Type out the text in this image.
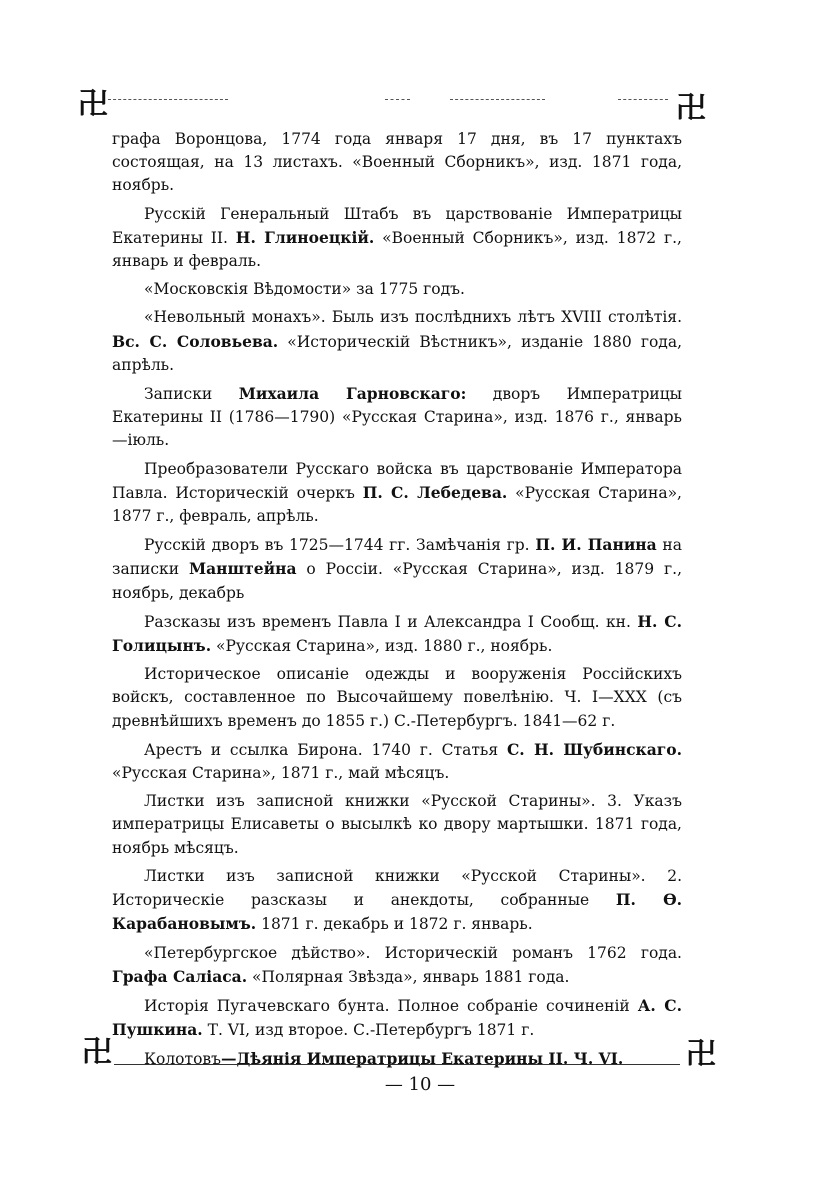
卍	卍

графа Воронцова, 1774 года января 17 дня, въ 17 пунктахъ состоящая, на 13 листахъ. «Военный Сборникъ», изд. 1871 года, ноябрь.

Русскій Генеральный Штабъ въ царствованіе Императрицы Екатерины II. Н. Глиноецкій. «Военный Сборникъ», изд. 1872 г., январь и февраль.

«Московскія Вѣдомости» за 1775 годъ.

«Невольный монахъ». Быль изъ послѣднихъ лѣтъ XVIII столѣтія. Вс. С. Соловьева. «Историческій Вѣстникъ», изданіе 1880 года, апрѣль.

Записки Михаила Гарновскаго: дворъ Императрицы Екатерины II (1786—1790) «Русская Старина», изд. 1876 г., январь—іюль.

Преобразователи Русскаго войска въ царствованіе Императора Павла. Историческій очеркъ П. С. Лебедева. «Русская Старина», 1877 г., февраль, апрѣль.

Русскій дворъ въ 1725—1744 гг. Замѣчанія гр. П. И. Панина на записки Манштейна о Россіи. «Русская Старина», изд. 1879 г., ноябрь, декабрь

Разсказы изъ временъ Павла I и Александра I Сообщ. кн. Н. С. Голицынъ. «Русская Старина», изд. 1880 г., ноябрь.

Историческое описаніе одежды и вооруженія Россійскихъ войскъ, составленное по Высочайшему повелѣнію. Ч. I—XXX (съ древнѣйшихъ временъ до 1855 г.) С.-Петербургъ. 1841—62 г.

Арестъ и ссылка Бирона. 1740 г. Статья С. Н. Шубинскаго. «Русская Старина», 1871 г., май мѣсяцъ.

Листки изъ записной книжки «Русской Старины». 3. Указъ императрицы Елисаветы о высылкѣ ко двору мартышки. 1871 года, ноябрь мѣсяцъ.

Листки изъ записной книжки «Русской Старины». 2. Историческіе разсказы и анекдоты, собранные П. Ѳ. Карабановымъ. 1871 г. декабрь и 1872 г. январь.

«Петербургское дѣйство». Историческій романъ 1762 года. Графа Саліаса. «Полярная Звѣзда», январь 1881 года.

Исторія Пугачевскаго бунта. Полное собраніе сочиненій А. С. Пушкина. Т. VI, изд второе. С.-Петербургъ 1871 г.

Колотовъ—Дѣянія Императрицы Екатерины II. Ч. VI.

卍	卍
— 10 —
